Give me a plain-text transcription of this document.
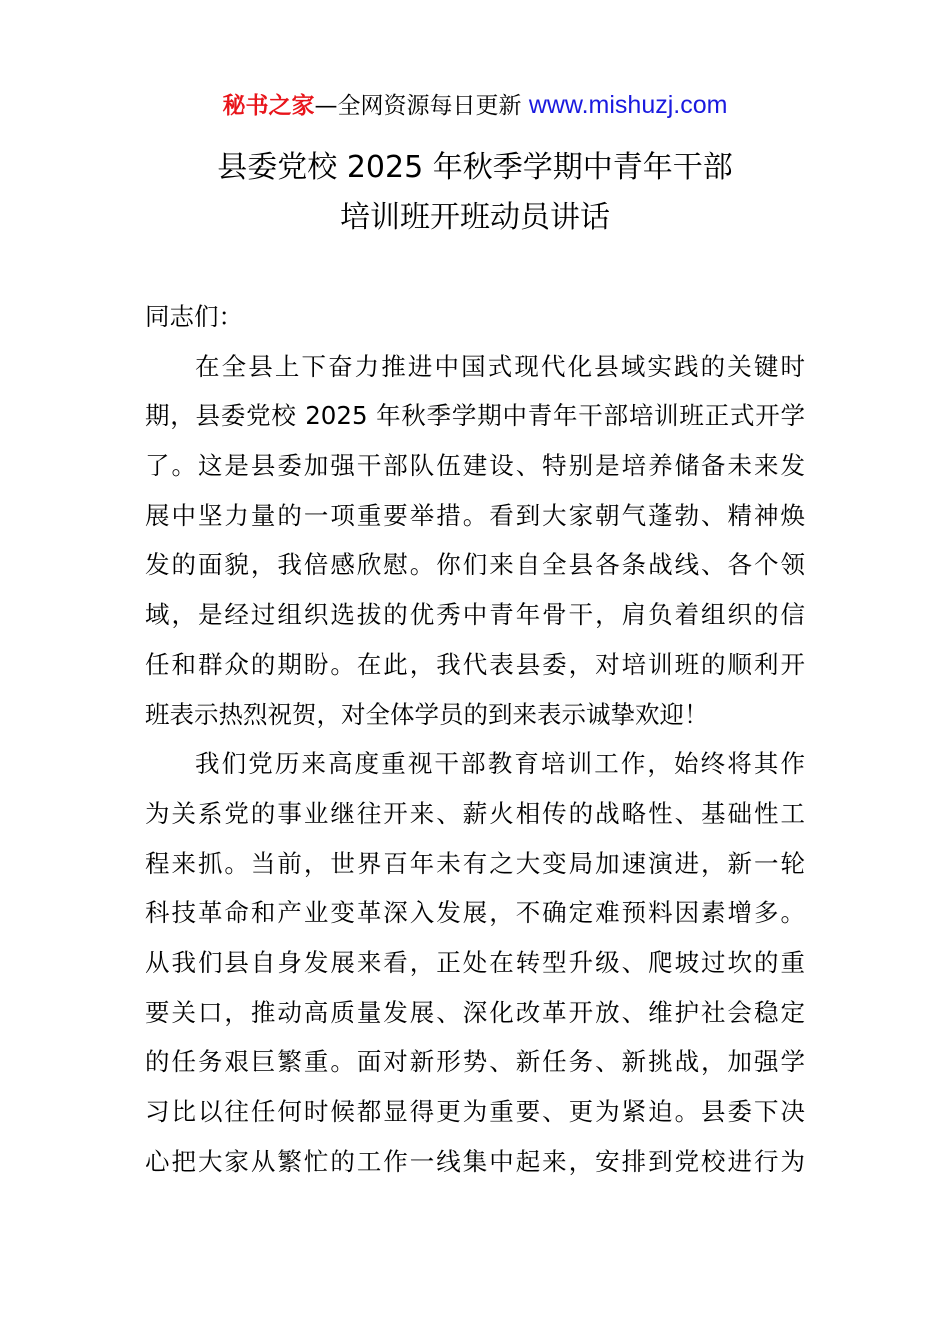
秘书之家—全网资源每日更新 www.mishuzj.com
县委党校 2025 年秋季学期中青年干部
培训班开班动员讲话
同志们：
在全县上下奋力推进中国式现代化县域实践的关键时
期，县委党校 2025 年秋季学期中青年干部培训班正式开学
了。这是县委加强干部队伍建设、特别是培养储备未来发
展中坚力量的一项重要举措。看到大家朝气蓬勃、精神焕
发的面貌，我倍感欣慰。你们来自全县各条战线、各个领
域，是经过组织选拔的优秀中青年骨干，肩负着组织的信
任和群众的期盼。在此，我代表县委，对培训班的顺利开
班表示热烈祝贺，对全体学员的到来表示诚挚欢迎！
我们党历来高度重视干部教育培训工作，始终将其作
为关系党的事业继往开来、薪火相传的战略性、基础性工
程来抓。当前，世界百年未有之大变局加速演进，新一轮
科技革命和产业变革深入发展，不确定难预料因素增多。
从我们县自身发展来看，正处在转型升级、爬坡过坎的重
要关口，推动高质量发展、深化改革开放、维护社会稳定
的任务艰巨繁重。面对新形势、新任务、新挑战，加强学
习比以往任何时候都显得更为重要、更为紧迫。县委下决
心把大家从繁忙的工作一线集中起来，安排到党校进行为
